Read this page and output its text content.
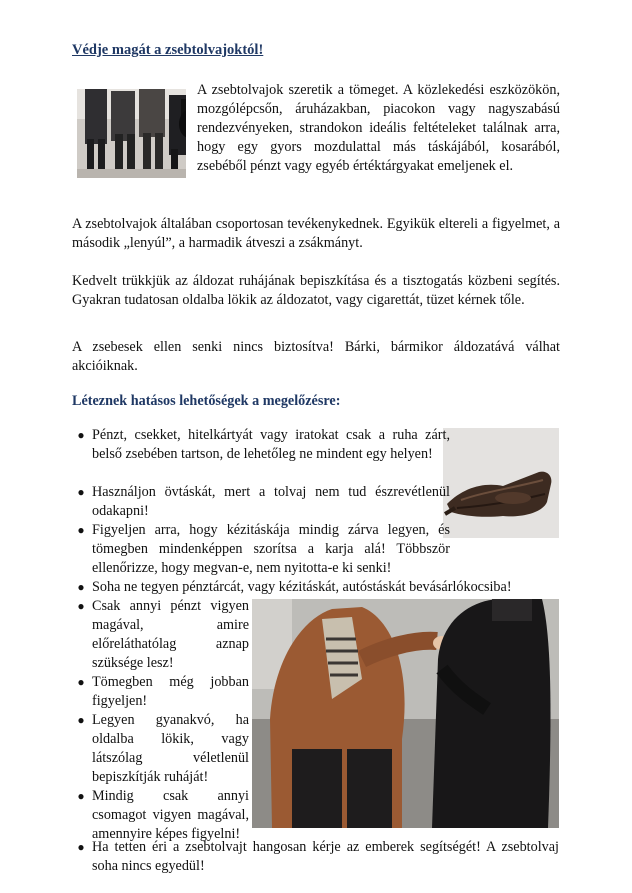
Védje magát a zsebtolvajoktól!
A zsebtolvajok szeretik a tömeget. A közlekedési eszközökön, mozgólépcsőn, áruházakban, piacokon vagy nagyszabású rendezvényeken, strandokon ideális feltételeket találnak arra, hogy egy gyors mozdulattal más táskájából, kosarából, zsebéből pénzt vagy egyéb értéktárgyakat emeljenek el.
A zsebtolvajok általában csoportosan tevékenykednek. Egyikük eltereli a figyelmet, a második „lenyúl”, a harmadik átveszi a zsákmányt.
Kedvelt trükkjük az áldozat ruhájának bepiszkítása és a tisztogatás közbeni segítés. Gyakran tudatosan oldalba lökik az áldozatot, vagy cigarettát, tüzet kérnek tőle.
A zsebesek ellen senki nincs biztosítva! Bárki, bármikor áldozatává válhat akcióiknak.
Léteznek hatásos lehetőségek a megelőzésre:
● Pénzt, csekket, hitelkártyát vagy iratokat csak a ruha zárt, belső zsebében tartson, de lehetőleg ne mindent egy helyen!
● Használjon övtáskát, mert a tolvaj nem tud észrevétlenül odakapni!
● Figyeljen arra, hogy kézitáskája mindig zárva legyen, és tömegben mindenképpen szorítsa a karja alá! Többször ellenőrizze, hogy megvan-e, nem nyitotta-e ki senki!
● Soha ne tegyen pénztárcát, vagy kézitáskát, autóstáskát bevásárlókocsiba!
● Csak annyi pénzt vigyen magával, amire előreláthatólag aznap szüksége lesz!
● Tömegben még jobban figyeljen!
● Legyen gyanakvó, ha oldalba lökik, vagy látszólag véletlenül bepiszkítják ruháját!
● Mindig csak annyi csomagot vigyen magával, amennyire képes figyelni!
● Ha tetten éri a zsebtolvajt hangosan kérje az emberek segítségét! A zsebtolvaj soha nincs egyedül!
